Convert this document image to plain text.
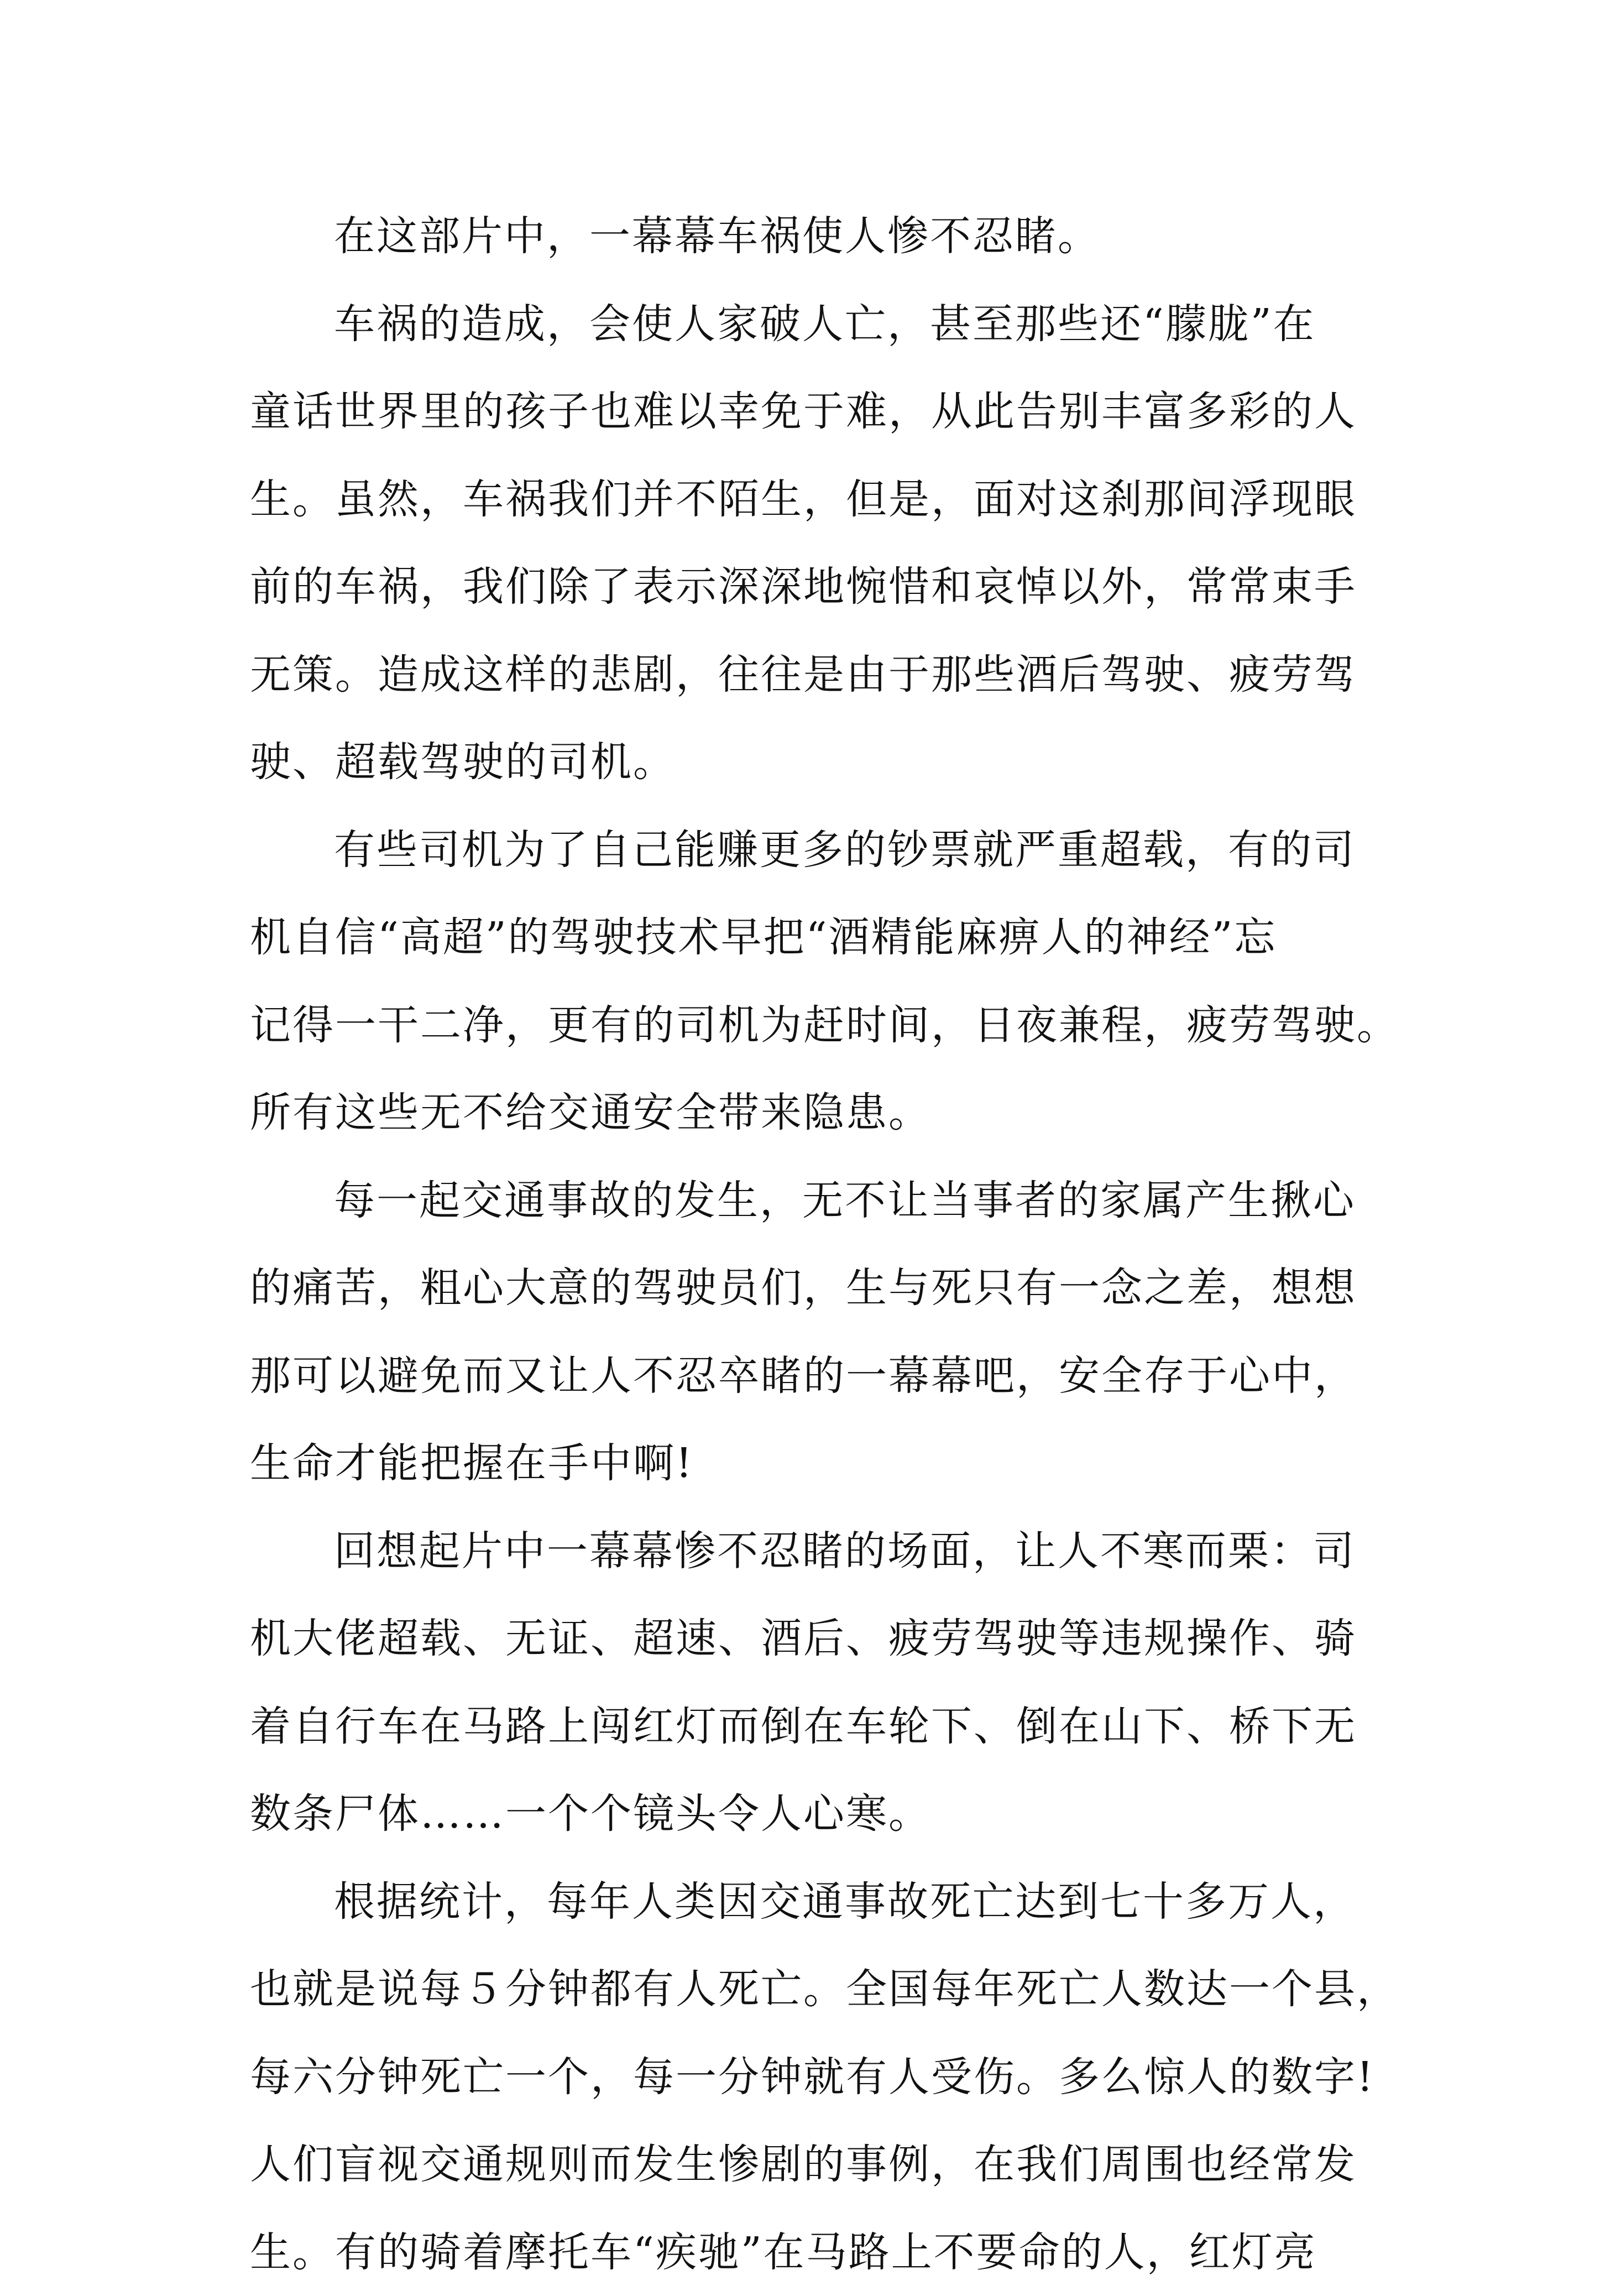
在这部片中，一幕幕车祸使人惨不忍睹。
车祸的造成，会使人家破人亡，甚至那些还“朦胧”在
童话世界里的孩子也难以幸免于难，从此告别丰富多彩的人
生。虽然，车祸我们并不陌生，但是，面对这刹那间浮现眼
前的车祸，我们除了表示深深地惋惜和哀悼以外，常常束手
无策。造成这样的悲剧，往往是由于那些酒后驾驶、疲劳驾
驶、超载驾驶的司机。
有些司机为了自己能赚更多的钞票就严重超载，有的司
机自信“高超”的驾驶技术早把“酒精能麻痹人的神经”忘
记得一干二净，更有的司机为赶时间，日夜兼程，疲劳驾驶。
所有这些无不给交通安全带来隐患。
每一起交通事故的发生，无不让当事者的家属产生揪心
的痛苦，粗心大意的驾驶员们，生与死只有一念之差，想想
那可以避免而又让人不忍卒睹的一幕幕吧，安全存于心中，
生命才能把握在手中啊!
回想起片中一幕幕惨不忍睹的场面，让人不寒而栗：司
机大佬超载、无证、超速、酒后、疲劳驾驶等违规操作、骑
着自行车在马路上闯红灯而倒在车轮下、倒在山下、桥下无
数条尸体……一个个镜头令人心寒。
根据统计，每年人类因交通事故死亡达到七十多万人，
也就是说每５分钟都有人死亡。全国每年死亡人数达一个县，
每六分钟死亡一个，每一分钟就有人受伤。多么惊人的数字!
人们盲视交通规则而发生惨剧的事例，在我们周围也经常发
生。有的骑着摩托车“疾驰”在马路上不要命的人，红灯亮
